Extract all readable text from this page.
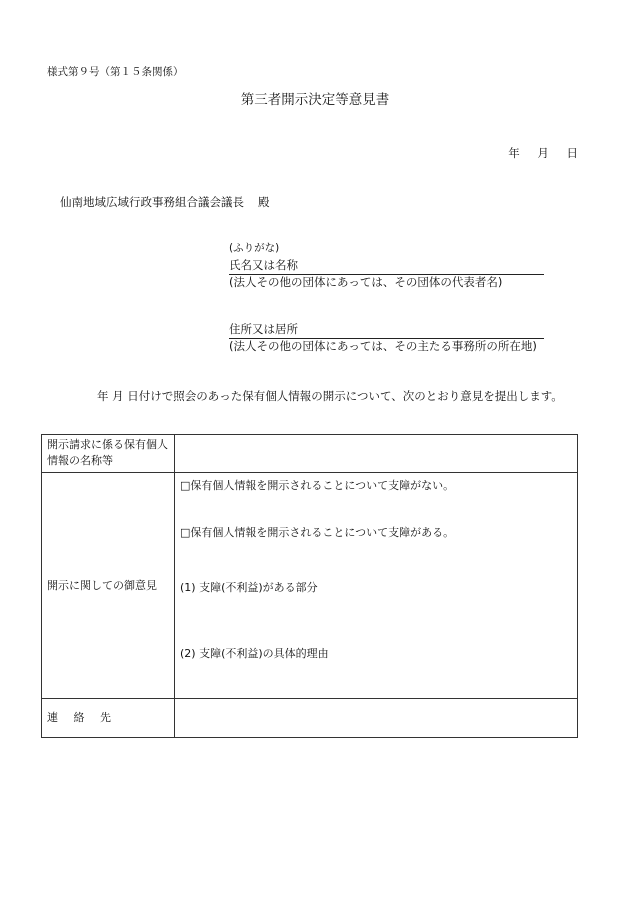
様式第９号（第１５条関係）
第三者開示決定等意見書
年 月 日
仙南地域広域行政事務組合議会議長 殿
(ふりがな)
氏名又は名称
(法人その他の団体にあっては、その団体の代表者名)
住所又は居所
(法人その他の団体にあっては、その主たる事務所の所在地)
年 月 日付けで照会のあった保有個人情報の開示について、次のとおり意見を提出します。
開示請求に係る保有個人情報の名称等	
開示に関しての御意見	□保有個人情報を開示されることについて支障がない。
□保有個人情報を開示されることについて支障がある。
(1) 支障(不利益)がある部分
(2) 支障(不利益)の具体的理由

連 絡 先	
